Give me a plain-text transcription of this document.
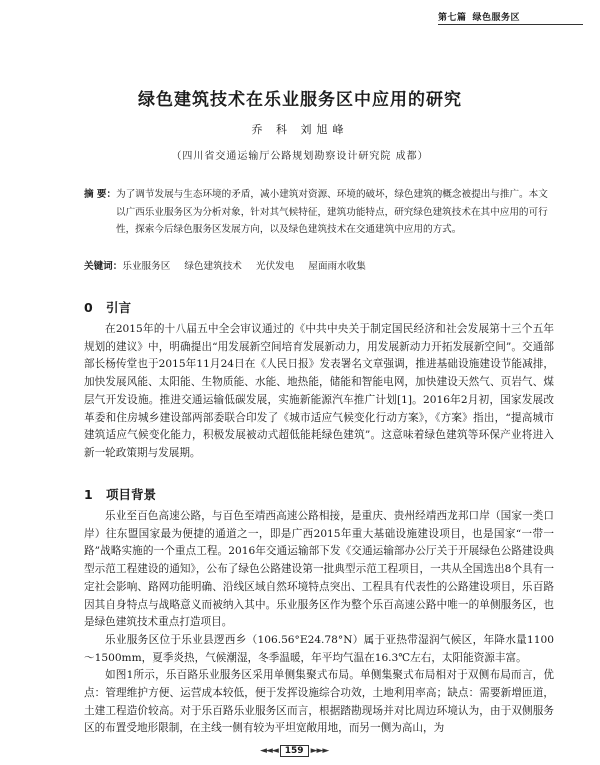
第七篇 绿色服务区
绿色建筑技术在乐业服务区中应用的研究
乔 科 刘旭峰
（四川省交通运输厅公路规划勘察设计研究院 成都）
摘 要：为了调节发展与生态环境的矛盾，减小建筑对资源、环境的破坏，绿色建筑的概念被提出与推广。本文以广西乐业服务区为分析对象，针对其气候特征，建筑功能特点，研究绿色建筑技术在其中应用的可行性，探索今后绿色服务区发展方向，以及绿色建筑技术在交通建筑中应用的方式。
关键词：乐业服务区 绿色建筑技术 光伏发电 屋面雨水收集
0 引言

在2015年的十八届五中全会审议通过的《中共中央关于制定国民经济和社会发展第十三个五年规划的建议》中，明确提出“用发展新空间培育发展新动力，用发展新动力开拓发展新空间”。交通部部长杨传堂也于2015年11月24日在《人民日报》发表署名文章强调，推进基础设施建设节能减排，加快发展风能、太阳能、生物质能、水能、地热能，储能和智能电网，加快建设天然气、页岩气、煤层气开发设施。推进交通运输低碳发展，实施新能源汽车推广计划[1]。2016年2月初，国家发展改革委和住房城乡建设部两部委联合印发了《城市适应气候变化行动方案》，《方案》指出，“提高城市建筑适应气候变化能力，积极发展被动式超低能耗绿色建筑”。这意味着绿色建筑等环保产业将进入新一轮政策期与发展期。

1 项目背景

乐业至百色高速公路，与百色至靖西高速公路相接，是重庆、贵州经靖西龙邦口岸（国家一类口岸）往东盟国家最为便捷的通道之一，即是广西2015年重大基础设施建设项目，也是国家“一带一路”战略实施的一个重点工程。2016年交通运输部下发《交通运输部办公厅关于开展绿色公路建设典型示范工程建设的通知》，公布了绿色公路建设第一批典型示范工程项目，一共从全国选出8个具有一定社会影响、路网功能明确、沿线区域自然环境特点突出、工程具有代表性的公路建设项目，乐百路因其自身特点与战略意义而被纳入其中。乐业服务区作为整个乐百高速公路中唯一的单侧服务区，也是绿色建筑技术重点打造项目。

乐业服务区位于乐业县逻西乡（106.56°E24.78°N）属于亚热带湿润气候区，年降水量1100～1500mm，夏季炎热，气候潮湿，冬季温暖，年平均气温在16.3℃左右，太阳能资源丰富。

如图1所示，乐百路乐业服务区采用单侧集聚式布局。单侧集聚式布局相对于双侧布局而言，优点：管理维护方便、运营成本较低，便于发挥设施综合功效，土地利用率高；缺点：需要新增匝道，土建工程造价较高。对于乐百路乐业服务区而言，根据踏勘现场并对比周边环境认为，由于双侧服务区的布置受地形限制，在主线一侧有较为平坦宽敞用地，而另一侧为高山，为

◄◄◄ 159 ►►►
